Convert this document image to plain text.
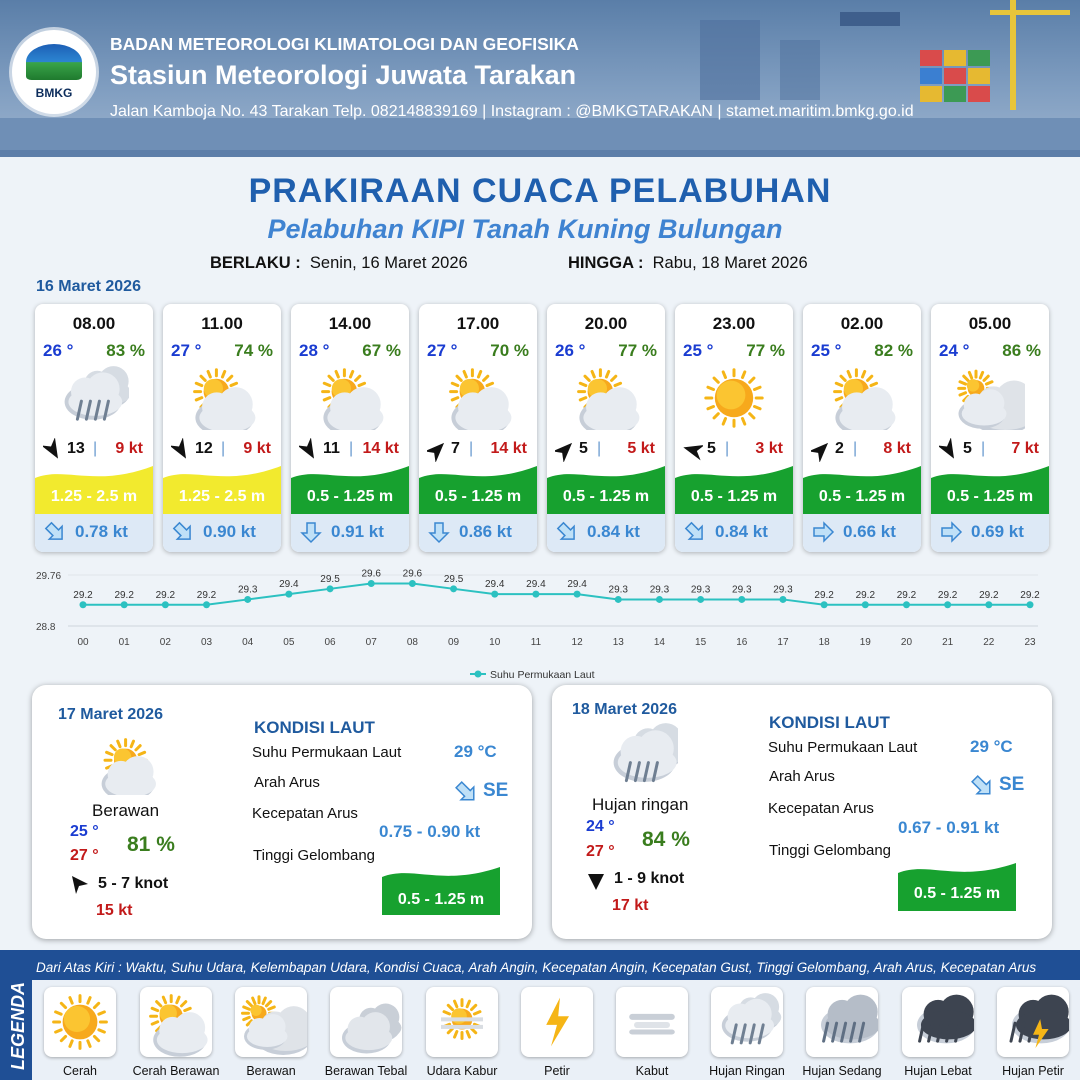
BMKG
BADAN METEOROLOGI KLIMATOLOGI DAN GEOFISIKA
Stasiun Meteorologi Juwata Tarakan
Jalan Kamboja No. 43 Tarakan Telp. 082148839169 | Instagram : @BMKGTARAKAN | stamet.maritim.bmkg.go.id
PRAKIRAAN CUACA PELABUHAN
Pelabuhan KIPI Tanah Kuning Bulungan
BERLAKU : Senin, 16 Maret 2026	HINGGA : Rabu, 18 Maret 2026
16 Maret 2026
08.00
26 ° 83 %
13 | 9 kt
1.25 - 2.5 m
0.78 kt
11.00
27 ° 74 %
12 | 9 kt
1.25 - 2.5 m
0.90 kt
14.00
28 ° 67 %
11 | 14 kt
0.5 - 1.25 m
0.91 kt
17.00
27 ° 70 %
7 | 14 kt
0.5 - 1.25 m
0.86 kt
20.00
26 ° 77 %
5 | 5 kt
0.5 - 1.25 m
0.84 kt
23.00
25 ° 77 %
5 | 3 kt
0.5 - 1.25 m
0.84 kt
02.00
25 ° 82 %
2 | 8 kt
0.5 - 1.25 m
0.66 kt
05.00
24 ° 86 %
5 | 7 kt
0.5 - 1.25 m
0.69 kt
29.76
28.8
29.2 29.2 29.2 29.2 29.3 29.4 29.5 29.6 29.6 29.5 29.4 29.4 29.4 29.3 29.3 29.3 29.3 29.3 29.2 29.2 29.2 29.2 29.2 29.2
00	01	02	03	04	05	06	07	08	09	10	11	12	13	14	15	16	17	18	19	20	21	22	23
Suhu Permukaan Laut
17 Maret 2026
Berawan
25 °
27 ° 81 %
5 - 7 knot
15 kt
KONDISI LAUT
Suhu Permukaan Laut	29 °C
Arah Arus	SE
Kecepatan Arus
0.75 - 0.90 kt
Tinggi Gelombang
0.5 - 1.25 m
18 Maret 2026
Hujan ringan
24 °
27 °
84 %
1 - 9 knot
17 kt
KONDISI LAUT
Suhu Permukaan Laut	29 °C
Arah Arus	SE
Kecepatan Arus
0.67 - 0.91 kt
Tinggi Gelombang
0.5 - 1.25 m
LEGENDA
Dari Atas Kiri : Waktu, Suhu Udara, Kelembapan Udara, Kondisi Cuaca, Arah Angin, Kecepatan Angin, Kecepatan Gust, Tinggi Gelombang, Arah Arus, Kecepatan Arus
Cerah	Cerah Berawan	Berawan	Berawan Tebal	Udara Kabur	Petir	Kabut	Hujan Ringan	Hujan Sedang	Hujan Lebat	Hujan Petir
